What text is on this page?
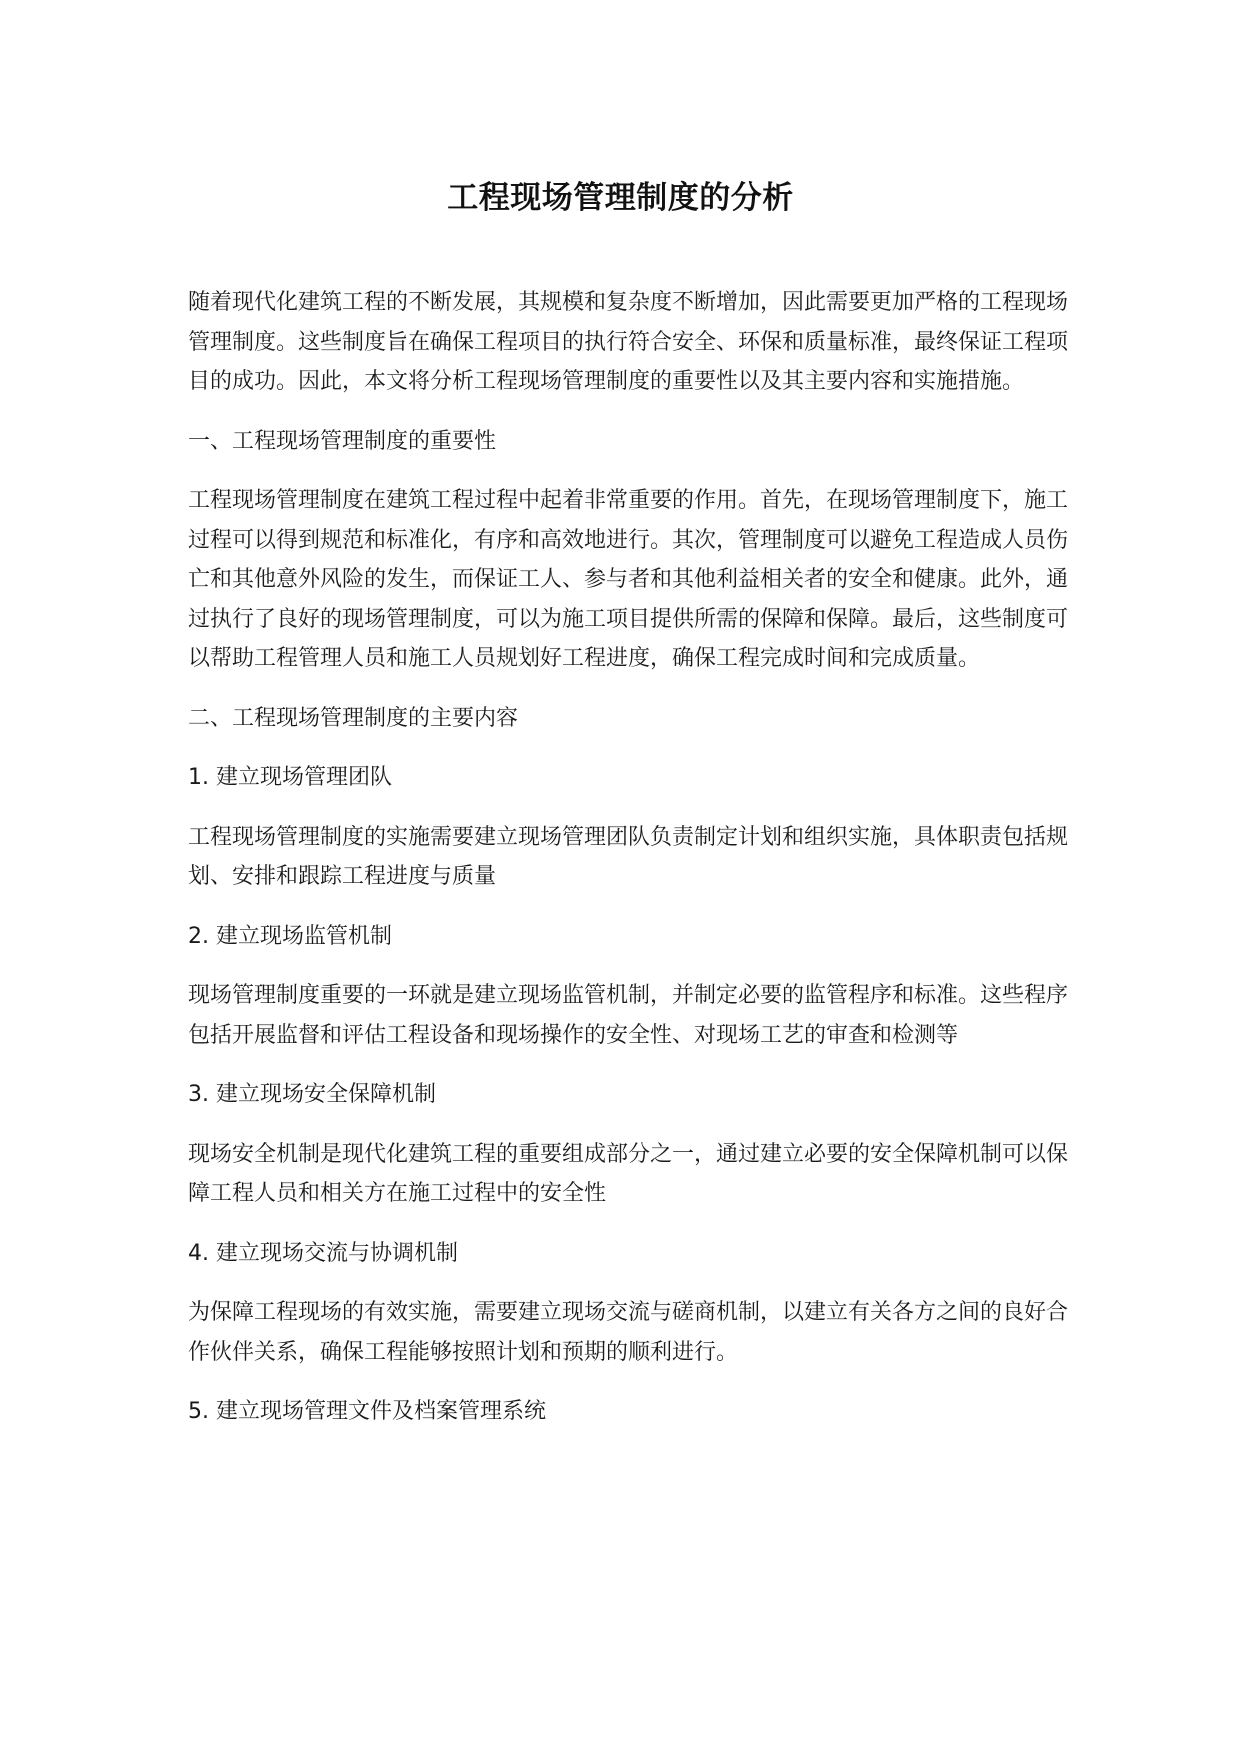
工程现场管理制度的分析

随着现代化建筑工程的不断发展，其规模和复杂度不断增加，因此需要更加严格的工程现场管理制度。这些制度旨在确保工程项目的执行符合安全、环保和质量标准，最终保证工程项目的成功。因此，本文将分析工程现场管理制度的重要性以及其主要内容和实施措施。

一、工程现场管理制度的重要性

工程现场管理制度在建筑工程过程中起着非常重要的作用。首先，在现场管理制度下，施工过程可以得到规范和标准化，有序和高效地进行。其次，管理制度可以避免工程造成人员伤亡和其他意外风险的发生，而保证工人、参与者和其他利益相关者的安全和健康。此外，通过执行了良好的现场管理制度，可以为施工项目提供所需的保障和保障。最后，这些制度可以帮助工程管理人员和施工人员规划好工程进度，确保工程完成时间和完成质量。

二、工程现场管理制度的主要内容

1. 建立现场管理团队

工程现场管理制度的实施需要建立现场管理团队负责制定计划和组织实施，具体职责包括规划、安排和跟踪工程进度与质量

2. 建立现场监管机制

现场管理制度重要的一环就是建立现场监管机制，并制定必要的监管程序和标准。这些程序包括开展监督和评估工程设备和现场操作的安全性、对现场工艺的审查和检测等

3. 建立现场安全保障机制

现场安全机制是现代化建筑工程的重要组成部分之一，通过建立必要的安全保障机制可以保障工程人员和相关方在施工过程中的安全性

4. 建立现场交流与协调机制

为保障工程现场的有效实施，需要建立现场交流与磋商机制，以建立有关各方之间的良好合作伙伴关系，确保工程能够按照计划和预期的顺利进行。

5. 建立现场管理文件及档案管理系统
